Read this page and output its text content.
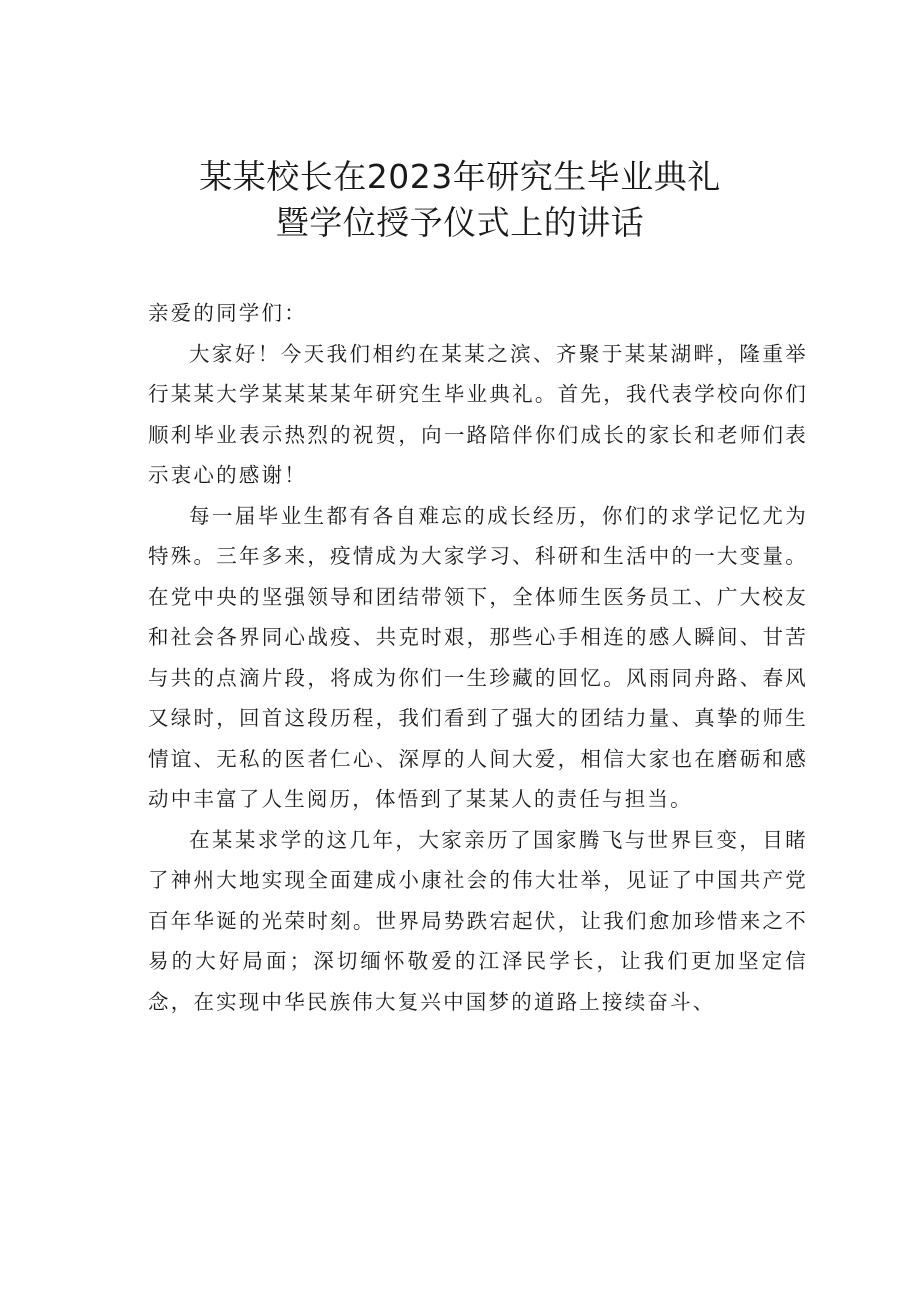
某某校长在2023年研究生毕业典礼
暨学位授予仪式上的讲话

亲爱的同学们：

大家好！今天我们相约在某某之滨、齐聚于某某湖畔，隆重举行某某大学某某某某年研究生毕业典礼。首先，我代表学校向你们顺利毕业表示热烈的祝贺，向一路陪伴你们成长的家长和老师们表示衷心的感谢！

每一届毕业生都有各自难忘的成长经历，你们的求学记忆尤为特殊。三年多来，疫情成为大家学习、科研和生活中的一大变量。在党中央的坚强领导和团结带领下，全体师生医务员工、广大校友和社会各界同心战疫、共克时艰，那些心手相连的感人瞬间、甘苦与共的点滴片段，将成为你们一生珍藏的回忆。风雨同舟路、春风又绿时，回首这段历程，我们看到了强大的团结力量、真挚的师生情谊、无私的医者仁心、深厚的人间大爱，相信大家也在磨砺和感动中丰富了人生阅历，体悟到了某某人的责任与担当。

在某某求学的这几年，大家亲历了国家腾飞与世界巨变，目睹了神州大地实现全面建成小康社会的伟大壮举，见证了中国共产党百年华诞的光荣时刻。世界局势跌宕起伏，让我们愈加珍惜来之不易的大好局面；深切缅怀敬爱的江泽民学长，让我们更加坚定信念，在实现中华民族伟大复兴中国梦的道路上接续奋斗、
